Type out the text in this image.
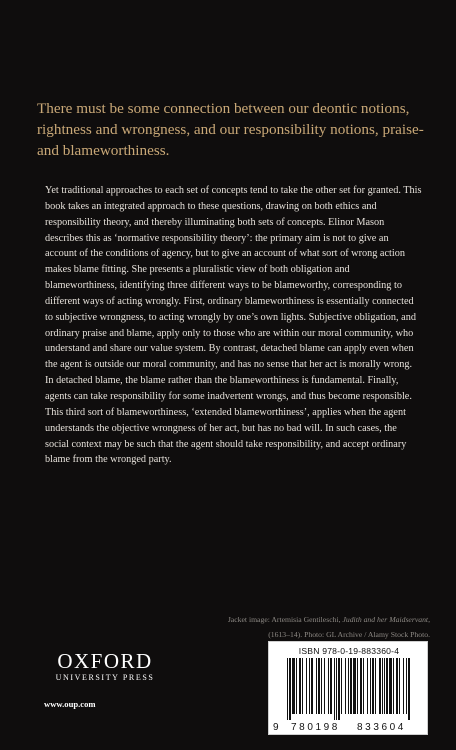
There must be some connection between our deontic notions, rightness and wrongness, and our responsibility notions, praise- and blameworthiness.

Yet traditional approaches to each set of concepts tend to take the other set for granted. This book takes an integrated approach to these questions, drawing on both ethics and responsibility theory, and thereby illuminating both sets of concepts. Elinor Mason describes this as ‘normative responsibility theory’: the primary aim is not to give an account of the conditions of agency, but to give an account of what sort of wrong action makes blame fitting. She presents a pluralistic view of both obligation and blameworthiness, identifying three different ways to be blameworthy, corresponding to different ways of acting wrongly. First, ordinary blameworthiness is essentially connected to subjective wrongness, to acting wrongly by one’s own lights. Subjective obligation, and ordinary praise and blame, apply only to those who are within our moral community, who understand and share our value system. By contrast, detached blame can apply even when the agent is outside our moral community, and has no sense that her act is morally wrong. In detached blame, the blame rather than the blameworthiness is fundamental. Finally, agents can take responsibility for some inadvertent wrongs, and thus become responsible. This third sort of blameworthiness, ‘extended blameworthiness’, applies when the agent understands the objective wrongness of her act, but has no bad will. In such cases, the social context may be such that the agent should take responsibility, and accept ordinary blame from the wronged party.

Jacket image: Artemisia Gentileschi, Judith and her Maidservant,
(1613–14). Photo: GL Archive / Alamy Stock Photo.
OXFORD
UNIVERSITY PRESS
www.oup.com
ISBN 978-0-19-883360-4
9 780198 833604
